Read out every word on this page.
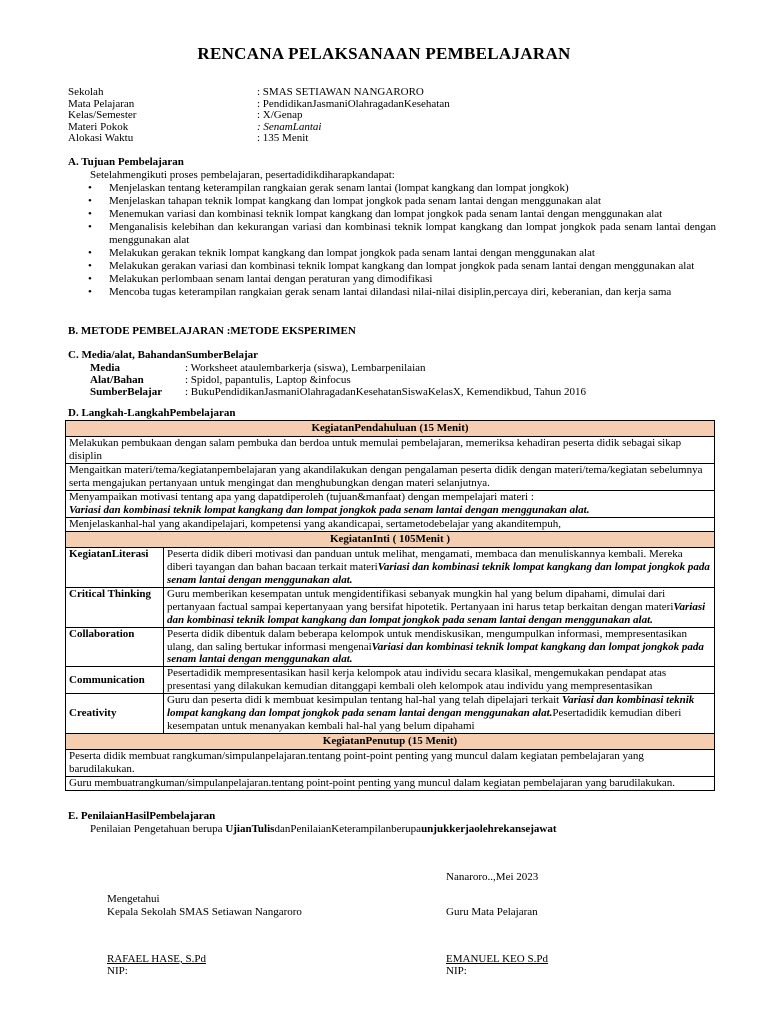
RENCANA PELAKSANAAN PEMBELAJARAN
Sekolah	: SMAS SETIAWAN NANGARORO
Mata Pelajaran	: PendidikanJasmaniOlahragadanKesehatan
Kelas/Semester	: X/Genap
Materi Pokok	: SenamLantai
Alokasi Waktu	: 135 Menit
A. Tujuan Pembelajaran
Setelahmengikuti proses pembelajaran, pesertadidikdiharapkandapat:
• Menjelaskan tentang keterampilan rangkaian gerak senam lantai (lompat kangkang dan lompat jongkok)
• Menjelaskan tahapan teknik lompat kangkang dan lompat jongkok pada senam lantai dengan menggunakan alat
• Menemukan variasi dan kombinasi teknik lompat kangkang dan lompat jongkok pada senam lantai dengan menggunakan alat
• Menganalisis kelebihan dan kekurangan variasi dan kombinasi teknik lompat kangkang dan lompat jongkok pada senam lantai dengan menggunakan alat
• Melakukan gerakan teknik lompat kangkang dan lompat jongkok pada senam lantai dengan menggunakan alat
• Melakukan gerakan variasi dan kombinasi teknik lompat kangkang dan lompat jongkok pada senam lantai dengan menggunakan alat
• Melakukan perlombaan senam lantai dengan peraturan yang dimodifikasi
• Mencoba tugas keterampilan rangkaian gerak senam lantai dilandasi nilai-nilai disiplin,percaya diri, keberanian, dan kerja sama
B. METODE PEMBELAJARAN :METODE EKSPERIMEN
C. Media/alat, BahandanSumberBelajar
Media	: Worksheet ataulembarkerja (siswa), Lembarpenilaian
Alat/Bahan	: Spidol, papantulis, Laptop &infocus
SumberBelajar : BukuPendidikanJasmaniOlahragadanKesehatanSiswaKelasX, Kemendikbud, Tahun 2016
D. Langkah-LangkahPembelajaran
KegiatanPendahuluan (15 Menit)	
Melakukan pembukaan dengan salam pembuka dan berdoa untuk memulai pembelajaran, memeriksa kehadiran peserta didik sebagai sikap disiplin	
Mengaitkan materi/tema/kegiatanpembelajaran yang akandilakukan dengan pengalaman peserta didik dengan materi/tema/kegiatan sebelumnya serta mengajukan pertanyaan untuk mengingat dan menghubungkan dengan materi selanjutnya.	
Menyampaikan motivasi tentang apa yang dapatdiperoleh (tujuan&manfaat) dengan mempelajari materi :
Variasi dan kombinasi teknik lompat kangkang dan lompat jongkok pada senam lantai dengan menggunakan alat.	
Menjelaskanhal-hal yang akandipelajari, kompetensi yang akandicapai, sertametodebelajar yang akanditempuh,	
KegiatanInti ( 105Menit )	
KegiatanLiterasi	Peserta didik diberi motivasi dan panduan untuk melihat, mengamati, membaca dan menuliskannya kembali. Mereka diberi tayangan dan bahan bacaan terkait materiVariasi dan kombinasi teknik lompat kangkang dan lompat jongkok pada senam lantai dengan menggunakan alat.
Critical Thinking	Guru memberikan kesempatan untuk mengidentifikasi sebanyak mungkin hal yang belum dipahami, dimulai dari pertanyaan factual sampai kepertanyaan yang bersifat hipotetik. Pertanyaan ini harus tetap berkaitan dengan materiVariasi dan kombinasi teknik lompat kangkang dan lompat jongkok pada senam lantai dengan menggunakan alat.
Collaboration	Peserta didik dibentuk dalam beberapa kelompok untuk mendiskusikan, mengumpulkan informasi, mempresentasikan ulang, dan saling bertukar informasi mengenaiVariasi dan kombinasi teknik lompat kangkang dan lompat jongkok pada senam lantai dengan menggunakan alat.
Communication	Pesertadidik mempresentasikan hasil kerja kelompok atau individu secara klasikal, mengemukakan pendapat atas presentasi yang dilakukan kemudian ditanggapi kembali oleh kelompok atau individu yang mempresentasikan
Creativity	Guru dan peserta didi k membuat kesimpulan tentang hal-hal yang telah dipelajari terkait Variasi dan kombinasi teknik lompat kangkang dan lompat jongkok pada senam lantai dengan menggunakan alat.Pesertadidik kemudian diberi kesempatan untuk menanyakan kembali hal-hal yang belum dipahami
KegiatanPenutup (15 Menit)	
Peserta didik membuat rangkuman/simpulanpelajaran.tentang point-point penting yang muncul dalam kegiatan pembelajaran yang barudilakukan.	
Guru membuatrangkuman/simpulanpelajaran.tentang point-point penting yang muncul dalam kegiatan pembelajaran yang barudilakukan.	
E. PenilaianHasilPembelajaran
Penilaian Pengetahuan berupa UjianTulisdanPenilaianKeterampilanberupaunjukkerjaolehrekansejawat
Nanaroro..,Mei 2023
Mengetahui
Kepala Sekolah SMAS Setiawan Nangaroro	Guru Mata Pelajaran
RAFAEL HASE, S.Pd
NIP:
EMANUEL KEO S.Pd
NIP:
